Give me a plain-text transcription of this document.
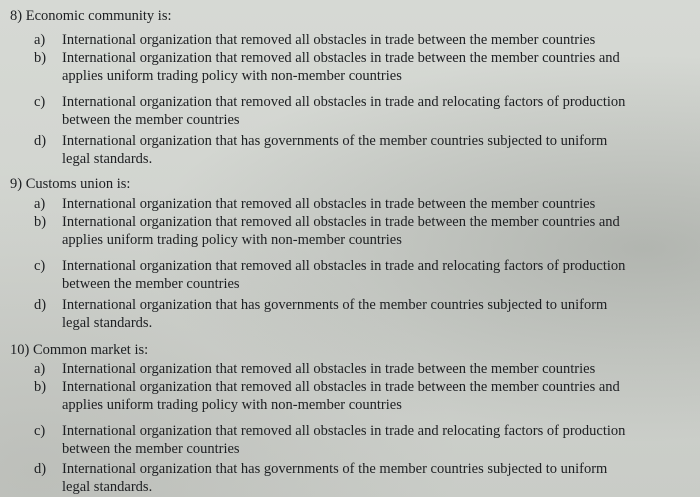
8) Economic community is:
a)	International organization that removed all obstacles in trade between the member countries
b)	International organization that removed all obstacles in trade between the member countries and
applies uniform trading policy with non-member countries
c)	International organization that removed all obstacles in trade and relocating factors of production
between the member countries
d)	International organization that has governments of the member countries subjected to uniform
legal standards.
9) Customs union is:
a)	International organization that removed all obstacles in trade between the member countries
b)	International organization that removed all obstacles in trade between the member countries and
applies uniform trading policy with non-member countries
c)	International organization that removed all obstacles in trade and relocating factors of production
between the member countries
d)	International organization that has governments of the member countries subjected to uniform
legal standards.
10) Common market is:
a)	International organization that removed all obstacles in trade between the member countries
b)	International organization that removed all obstacles in trade between the member countries and
applies uniform trading policy with non-member countries
c)	International organization that removed all obstacles in trade and relocating factors of production
between the member countries
d)	International organization that has governments of the member countries subjected to uniform
legal standards.
